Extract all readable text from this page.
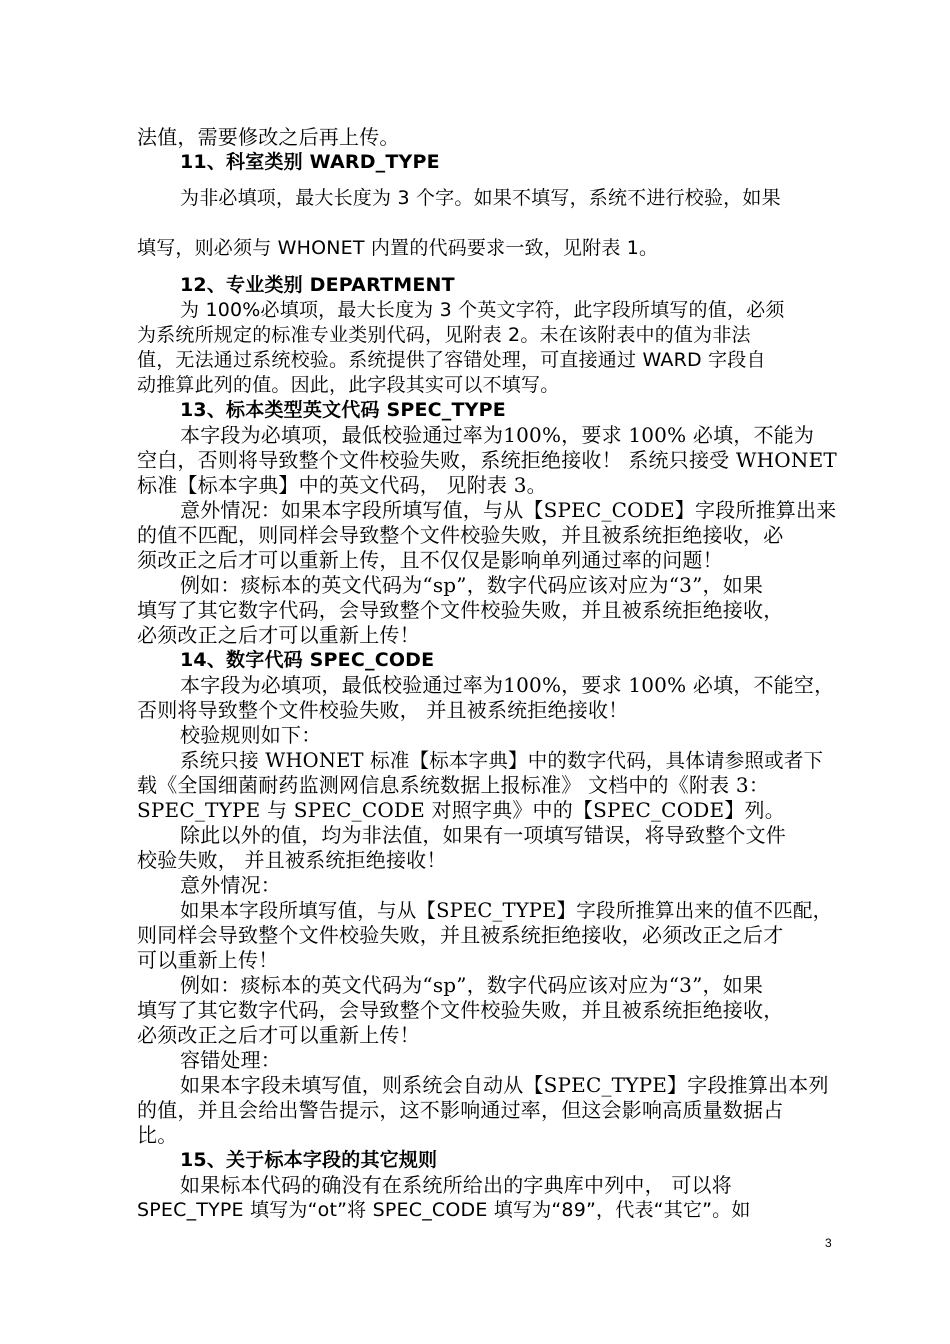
法值，需要修改之后再上传。
11、科室类别 WARD_TYPE
为非必填项，最大长度为 3 个字。如果不填写，系统不进行校验，如果
填写，则必须与 WHONET 内置的代码要求一致，见附表 1。
12、专业类别 DEPARTMENT
为 100%必填项，最大长度为 3 个英文字符，此字段所填写的值，必须
为系统所规定的标准专业类别代码，见附表 2。未在该附表中的值为非法
值，无法通过系统校验。系统提供了容错处理，可直接通过 WARD 字段自
动推算此列的值。因此，此字段其实可以不填写。
13、标本类型英文代码 SPEC_TYPE
本字段为必填项，最低校验通过率为100%，要求 100% 必填，不能为
空白，否则将导致整个文件校验失败，系统拒绝接收！ 系统只接受 WHONET
标准【标本字典】中的英文代码， 见附表 3。
意外情况：如果本字段所填写值，与从【SPEC_CODE】字段所推算出来
的值不匹配，则同样会导致整个文件校验失败，并且被系统拒绝接收，必
须改正之后才可以重新上传，且不仅仅是影响单列通过率的问题！
例如：痰标本的英文代码为“sp”，数字代码应该对应为“3”，如果
填写了其它数字代码，会导致整个文件校验失败，并且被系统拒绝接收，
必须改正之后才可以重新上传！
14、数字代码 SPEC_CODE
本字段为必填项，最低校验通过率为100%，要求 100% 必填，不能空，
否则将导致整个文件校验失败， 并且被系统拒绝接收！
校验规则如下：
系统只接 WHONET 标准【标本字典】中的数字代码，具体请参照或者下
载《全国细菌耐药监测网信息系统数据上报标准》 文档中的《附表 3：
SPEC_TYPE 与 SPEC_CODE 对照字典》中的【SPEC_CODE】列。
除此以外的值，均为非法值，如果有一项填写错误，将导致整个文件
校验失败， 并且被系统拒绝接收！
意外情况：
如果本字段所填写值，与从【SPEC_TYPE】字段所推算出来的值不匹配，
则同样会导致整个文件校验失败，并且被系统拒绝接收，必须改正之后才
可以重新上传！
例如：痰标本的英文代码为“sp”，数字代码应该对应为“3”，如果
填写了其它数字代码，会导致整个文件校验失败，并且被系统拒绝接收，
必须改正之后才可以重新上传！
容错处理：
如果本字段未填写值，则系统会自动从【SPEC_TYPE】字段推算出本列
的值，并且会给出警告提示，这不影响通过率，但这会影响高质量数据占
比。
15、关于标本字段的其它规则
如果标本代码的确没有在系统所给出的字典库中列中， 可以将
SPEC_TYPE 填写为“ot”将 SPEC_CODE 填写为“89”，代表“其它”。如
3
